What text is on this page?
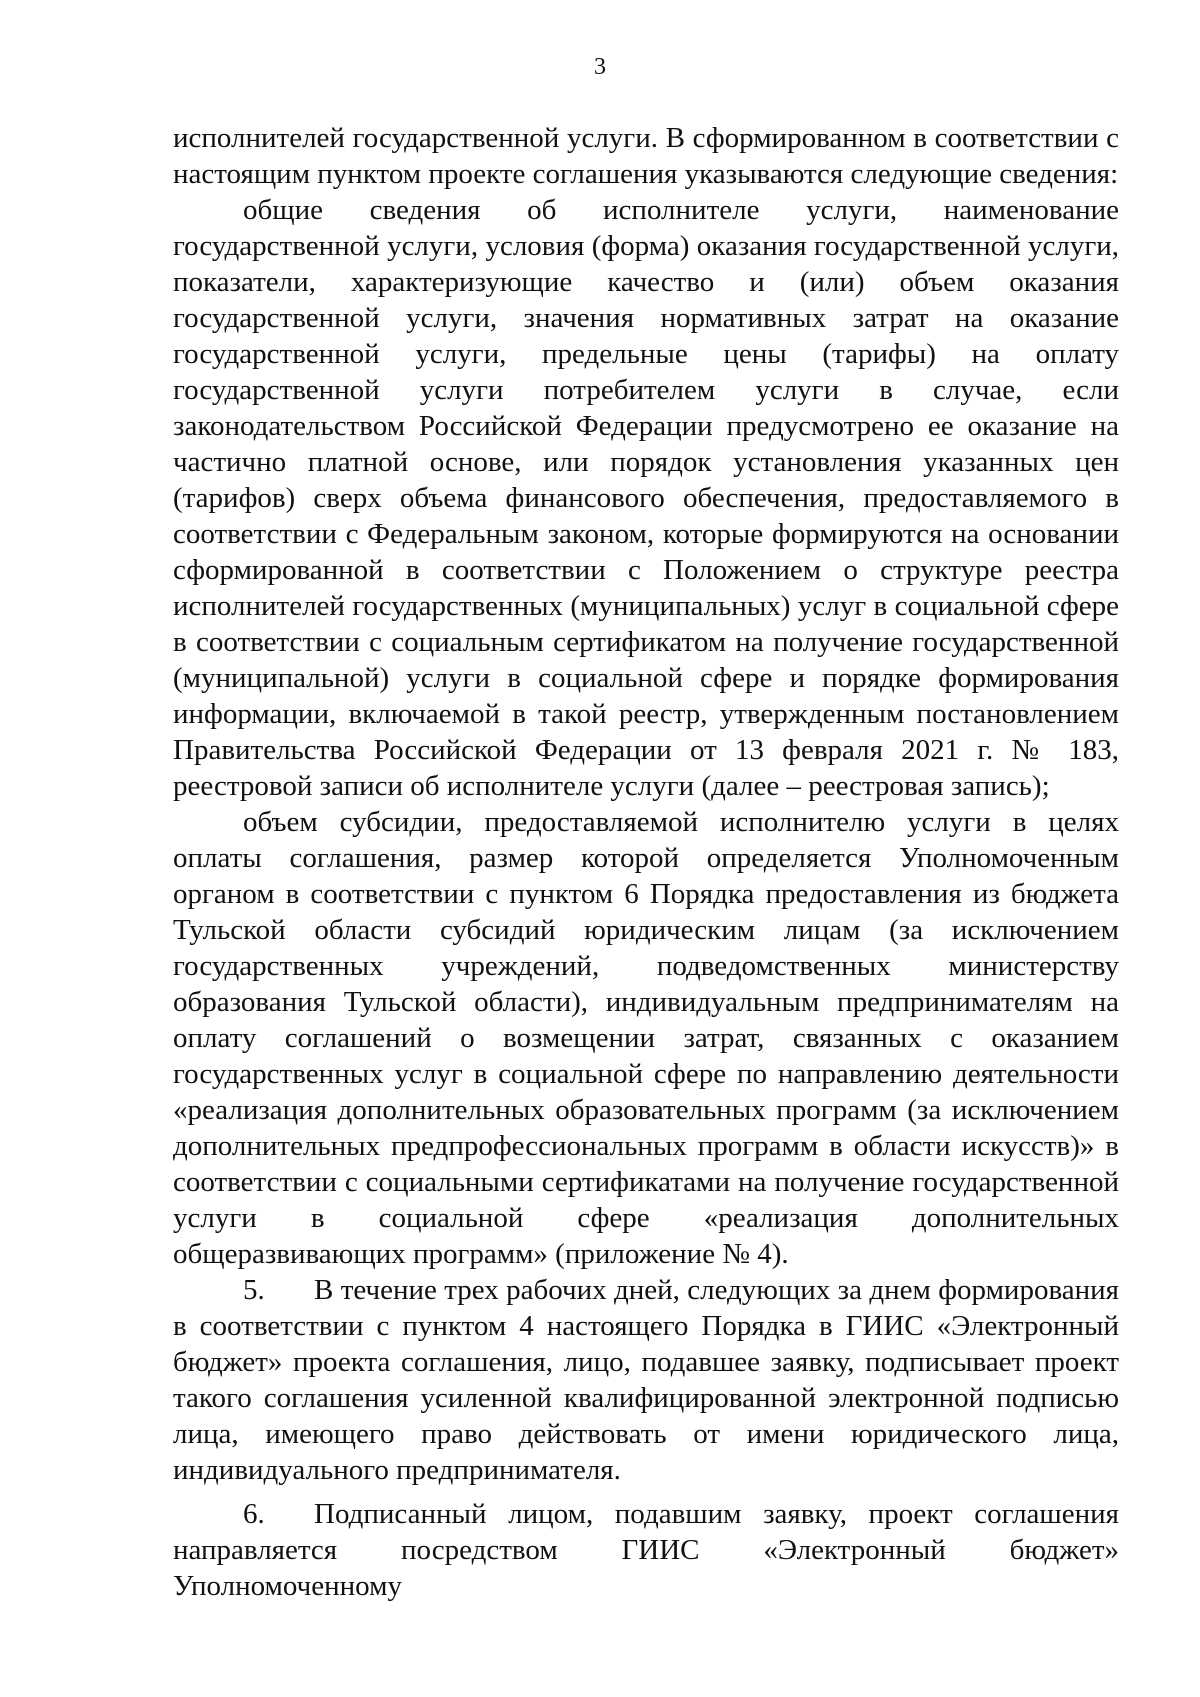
3

исполнителей государственной услуги. В сформированном в соответствии с настоящим пунктом проекте соглашения указываются следующие сведения:

общие сведения об исполнителе услуги, наименование государственной услуги, условия (форма) оказания государственной услуги, показатели, характеризующие качество и (или) объем оказания государственной услуги, значения нормативных затрат на оказание государственной услуги, предельные цены (тарифы) на оплату государственной услуги потребителем услуги в случае, если законодательством Российской Федерации предусмотрено ее оказание на частично платной основе, или порядок установления указанных цен (тарифов) сверх объема финансового обеспечения, предоставляемого в соответствии с Федеральным законом, которые формируются на основании сформированной в соответствии с Положением о структуре реестра исполнителей государственных (муниципальных) услуг в социальной сфере в соответствии с социальным сертификатом на получение государственной (муниципальной) услуги в социальной сфере и порядке формирования информации, включаемой в такой реестр, утвержденным постановлением Правительства Российской Федерации от 13 февраля 2021 г. № 183, реестровой записи об исполнителе услуги (далее – реестровая запись);

объем субсидии, предоставляемой исполнителю услуги в целях оплаты соглашения, размер которой определяется Уполномоченным органом в соответствии с пунктом 6 Порядка предоставления из бюджета Тульской области субсидий юридическим лицам (за исключением государственных учреждений, подведомственных министерству образования Тульской области), индивидуальным предпринимателям на оплату соглашений о возмещении затрат, связанных с оказанием государственных услуг в социальной сфере по направлению деятельности «реализация дополнительных образовательных программ (за исключением дополнительных предпрофессиональных программ в области искусств)» в соответствии с социальными сертификатами на получение государственной услуги в социальной сфере «реализация дополнительных общеразвивающих программ» (приложение № 4).

5. В течение трех рабочих дней, следующих за днем формирования в соответствии с пунктом 4 настоящего Порядка в ГИИС «Электронный бюджет» проекта соглашения, лицо, подавшее заявку, подписывает проект такого соглашения усиленной квалифицированной электронной подписью лица, имеющего право действовать от имени юридического лица, индивидуального предпринимателя.

6. Подписанный лицом, подавшим заявку, проект соглашения направляется посредством ГИИС «Электронный бюджет» Уполномоченному
